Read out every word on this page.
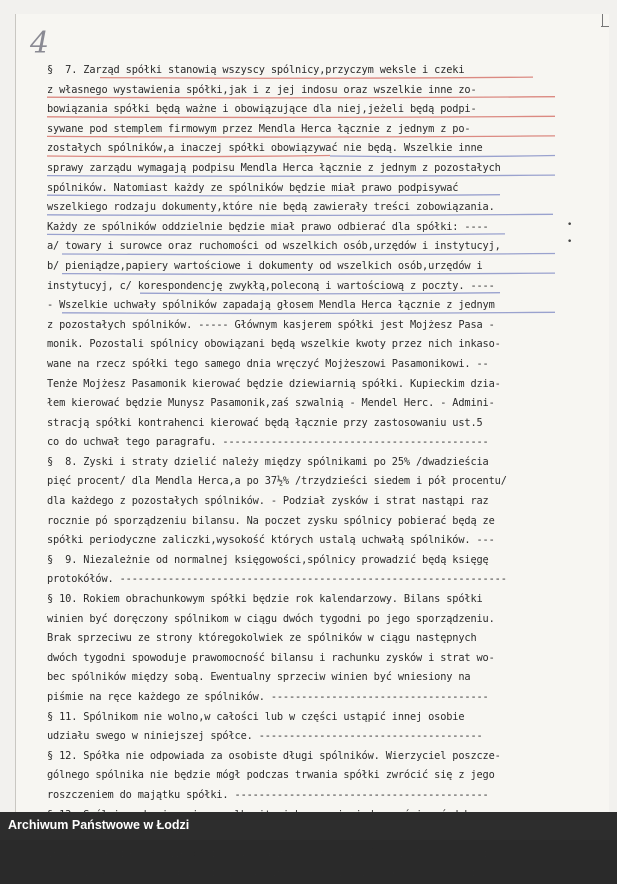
4
§  7. Zarząd spółki stanowią wszyscy spólnicy,przyczym weksle i czeki
z własnego wystawienia spółki,jak i z jej indosu oraz wszelkie inne zo-
bowiązania spółki będą ważne i obowiązujące dla niej,jeżeli będą podpi-
sywane pod stemplem firmowym przez Mendla Herca łącznie z jednym z po-
zostałych spólników,a inaczej spółki obowiązywać nie będą. Wszelkie inne
sprawy zarządu wymagają podpisu Mendla Herca łącznie z jednym z pozostałych
spólników. Natomiast każdy ze spólników będzie miał prawo podpisywać
wszelkiego rodzaju dokumenty,które nie będą zawierały treści zobowiązania.
Każdy ze spólników oddzielnie będzie miał prawo odbierać dla spółki: ----
a/ towary i surowce oraz ruchomości od wszelkich osób,urzędów i instytucyj,
b/ pieniądze,papiery wartościowe i dokumenty od wszelkich osób,urzędów i
instytucyj, c/ korespondencję zwykłą,poleconą i wartościową z poczty. ----
- Wszelkie uchwały spólników zapadają głosem Mendla Herca łącznie z jednym
z pozostałych spólników. ----- Głównym kasjerem spółki jest Mojżesz Pasa -
monik. Pozostali spólnicy obowiązani będą wszelkie kwoty przez nich inkaso-
wane na rzecz spółki tego samego dnia wręczyć Mojżeszowi Pasamonikowi. --
Tenże Mojżesz Pasamonik kierować będzie dziewiarnią spółki. Kupieckim dzia-
łem kierować będzie Munysz Pasamonik,zaś szwalnią - Mendel Herc. - Admini-
stracją spółki kontrahenci kierować będą łącznie przy zastosowaniu ust.5
co do uchwał tego paragrafu. --------------------------------------------
§  8. Zyski i straty dzielić należy między spólnikami po 25% /dwadzieścia
pięć procent/ dla Mendla Herca,a po 37½% /trzydzieści siedem i pół procentu/
dla każdego z pozostałych spólników. - Podział zysków i strat nastąpi raz
rocznie pó sporządzeniu bilansu. Na poczet zysku spólnicy pobierać będą ze
spółki periodyczne zaliczki,wysokość których ustalą uchwałą spólników. ---
§  9. Niezależnie od normalnej księgowości,spólnicy prowadzić będą księgę
protokółów. ----------------------------------------------------------------
§ 10. Rokiem obrachunkowym spółki będzie rok kalendarzowy. Bilans spółki
winien być doręczony spólnikom w ciągu dwóch tygodni po jego sporządzeniu.
Brak sprzeciwu ze strony któregokolwiek ze spólników w ciągu następnych
dwóch tygodni spowoduje prawomocność bilansu i rachunku zysków i strat wo-
bec spólników między sobą. Ewentualny sprzeciw winien być wniesiony na
piśmie na ręce każdego ze spólników. ------------------------------------
§ 11. Spólnikom nie wolno,w całości lub w części ustąpić innej osobie
udziału swego w niniejszej spółce. -------------------------------------
§ 12. Spółka nie odpowiada za osobiste długi spólników. Wierzyciel poszcze-
gólnego spólnika nie będzie mógł podczas trwania spółki zwrócić się z jego
roszczeniem do majątku spółki. ------------------------------------------
innym przedsiębiorstwie,obliczonym na zysk,a to bezpośrednio lub pośrednio,
oraz nie wolno im trudnić się żadnym innym zajęciem zarobkowym. Stanowi
•
•
Archiwum Państwowe w Łodzi
